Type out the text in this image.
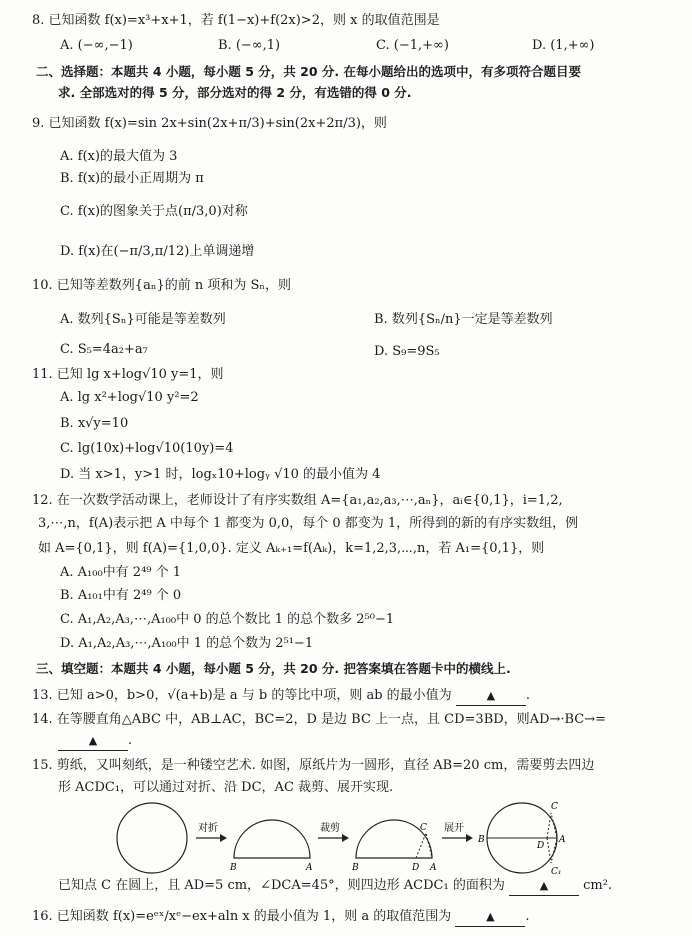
8. 已知函数 f(x)=x³+x+1，若 f(1−x)+f(2x)>2，则 x 的取值范围是
A. (−∞,−1)	B. (−∞,1)	C. (−1,+∞)	D. (1,+∞)
二、选择题：本题共 4 小题，每小题 5 分，共 20 分. 在每小题给出的选项中，有多项符合题目要
求. 全部选对的得 5 分，部分选对的得 2 分，有选错的得 0 分.
9. 已知函数 f(x)=sin 2x+sin(2x+π/3)+sin(2x+2π/3)，则
A. f(x)的最大值为 3
B. f(x)的最小正周期为 π
C. f(x)的图象关于点(π/3,0)对称
D. f(x)在(−π/3,π/12)上单调递增
10. 已知等差数列{aₙ}的前 n 项和为 Sₙ，则
A. 数列{Sₙ}可能是等差数列	B. 数列{Sₙ/n}一定是等差数列
C. S₅=4a₂+a₇	D. S₉=9S₅
11. 已知 lg x+log√10 y=1，则
A. lg x²+log√10 y²=2
B. x√y=10
C. lg(10x)+log√10(10y)=4
D. 当 x>1，y>1 时，logₓ10+logᵧ √10 的最小值为 4
12. 在一次数学活动课上，老师设计了有序实数组 A={a₁,a₂,a₃,⋯,aₙ}，aᵢ∈{0,1}，i=1,2,
3,⋯,n，f(A)表示把 A 中每个 1 都变为 0,0，每个 0 都变为 1，所得到的新的有序实数组，例
如 A={0,1}，则 f(A)={1,0,0}. 定义 Aₖ₊₁=f(Aₖ)，k=1,2,3,⋯,n，若 A₁={0,1}，则
A. A₁₀₀中有 2⁴⁹ 个 1
B. A₁₀₁中有 2⁴⁹ 个 0
C. A₁,A₂,A₃,⋯,A₁₀₀中 0 的总个数比 1 的总个数多 2⁵⁰−1
D. A₁,A₂,A₃,⋯,A₁₀₀中 1 的总个数为 2⁵¹−1
三、填空题：本题共 4 小题，每小题 5 分，共 20 分. 把答案填在答题卡中的横线上.
13. 已知 a>0，b>0，√(a+b)是 a 与 b 的等比中项，则 ab 的最小值为	▲ .
14. 在等腰直角△ABC 中，AB⊥AC，BC=2，D 是边 BC 上一点，且 CD=3BD，则AD→·BC→=
▲ .
15. 剪纸，又叫刻纸，是一种镂空艺术. 如图，原纸片为一圆形，直径 AB=20 cm，需要剪去四边
形 ACDC₁，可以通过对折、沿 DC，AC 裁剪、展开实现.
对折
B	A
裁剪
B	D A
C 展开
B	A
D
C
C₁
已知点 C 在圆上，且 AD=5 cm，∠DCA=45°，则四边形 ACDC₁ 的面积为	▲	cm².
16. 已知函数 f(x)=eᵉˣ/xᵉ−ex+aln x 的最小值为 1，则 a 的取值范围为	▲ .
